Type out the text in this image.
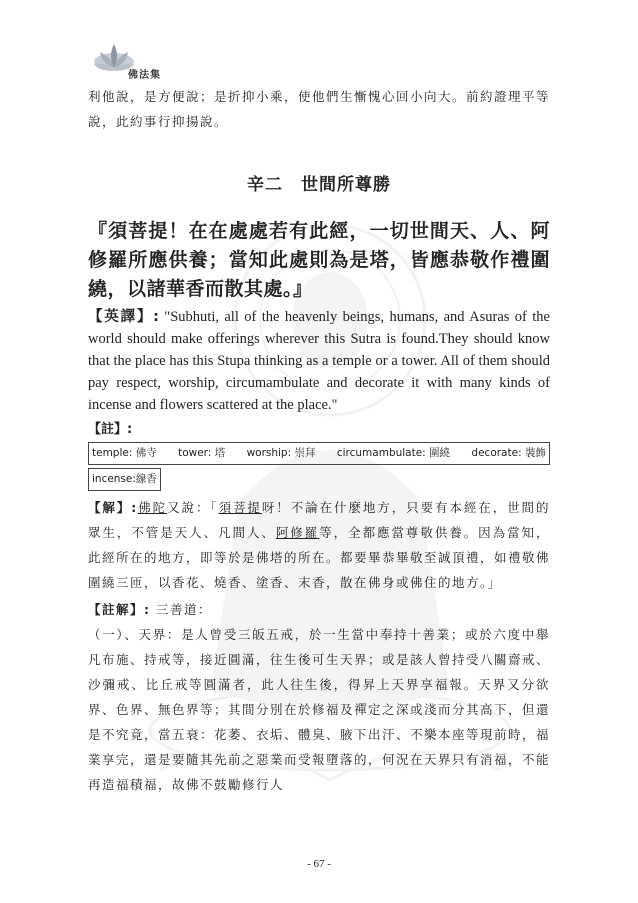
佛法集

利他說，是方便說；是折抑小乘，使他們生慚愧心回小向大。前約證理平等說，此約事行抑揚說。

辛二　世間所尊勝

『須菩提！在在處處若有此經，一切世間天、人、阿修羅所應供養；當知此處則為是塔，皆應恭敬作禮圍繞，以諸華香而散其處。』

【英譯】: "Subhuti, all of the heavenly beings, humans, and Asuras of the world should make offerings wherever this Sutra is found.They should know that the place has this Stupa thinking as a temple or a tower. All of them should pay respect, worship, circumambulate and decorate it with many kinds of incense and flowers scattered at the place."

【註】:

temple: 佛寺 tower: 塔 worship: 崇拜 circumambulate: 圍繞 decorate: 裝飾
incense:線香

【解】:佛陀又說：「須菩提呀！不論在什麼地方，只要有本經在，世間的眾生，不管是天人、凡間人、阿修羅等，全都應當尊敬供養。因為當知，此經所在的地方，即等於是佛塔的所在。都要畢恭畢敬至誠頂禮，如禮敬佛圍繞三匝，以香花、燒香、塗香、末香，散在佛身或佛住的地方。」

【註解】: 三善道：

（一）、天界：是人曾受三皈五戒，於一生當中奉持十善業；或於六度中舉凡布施、持戒等，接近圓滿，往生後可生天界；或是該人曾持受八關齋戒、沙彌戒、比丘戒等圓滿者，此人往生後，得昇上天界享福報。天界又分欲界、色界、無色界等；其間分別在於修福及禪定之深或淺而分其高下，但還是不究竟，當五衰：花萎、衣垢、體臭、腋下出汗、不樂本座等現前時，福業享完，還是要隨其先前之惡業而受報墮落的，何況在天界只有消福，不能再造福積福，故佛不鼓勵修行人

- 67 -
